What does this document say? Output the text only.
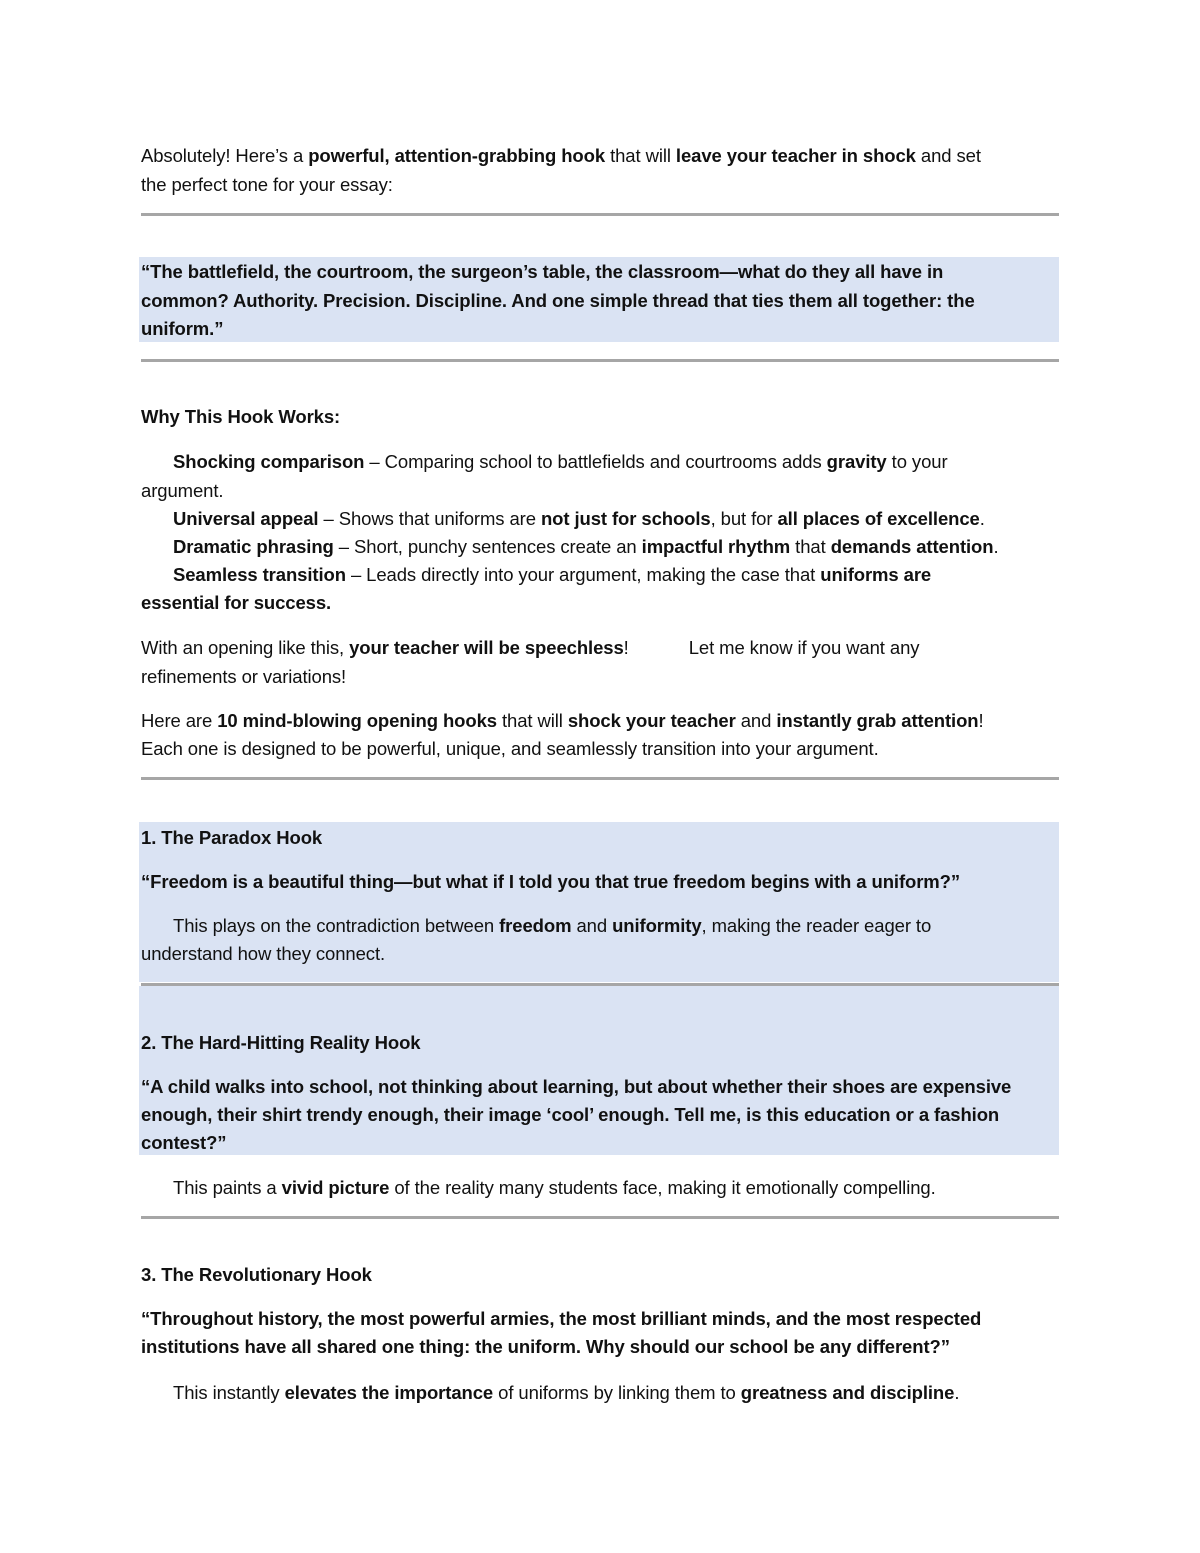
Absolutely! Here’s a powerful, attention-grabbing hook that will leave your teacher in shock and set
the perfect tone for your essay:
“The battlefield, the courtroom, the surgeon’s table, the classroom—what do they all have in
common? Authority. Precision. Discipline. And one simple thread that ties them all together: the
uniform.”
Why This Hook Works:
Shocking comparison – Comparing school to battlefields and courtrooms adds gravity to your
argument.
Universal appeal – Shows that uniforms are not just for schools, but for all places of excellence.
Dramatic phrasing – Short, punchy sentences create an impactful rhythm that demands attention.
Seamless transition – Leads directly into your argument, making the case that uniforms are
essential for success.
With an opening like this, your teacher will be speechless!	Let me know if you want any
refinements or variations!
Here are 10 mind-blowing opening hooks that will shock your teacher and instantly grab attention!
Each one is designed to be powerful, unique, and seamlessly transition into your argument.
1. The Paradox Hook
“Freedom is a beautiful thing—but what if I told you that true freedom begins with a uniform?”
This plays on the contradiction between freedom and uniformity, making the reader eager to
understand how they connect.
2. The Hard-Hitting Reality Hook
“A child walks into school, not thinking about learning, but about whether their shoes are expensive
enough, their shirt trendy enough, their image ‘cool’ enough. Tell me, is this education or a fashion
contest?”
This paints a vivid picture of the reality many students face, making it emotionally compelling.
3. The Revolutionary Hook
“Throughout history, the most powerful armies, the most brilliant minds, and the most respected
institutions have all shared one thing: the uniform. Why should our school be any different?”
This instantly elevates the importance of uniforms by linking them to greatness and discipline.
